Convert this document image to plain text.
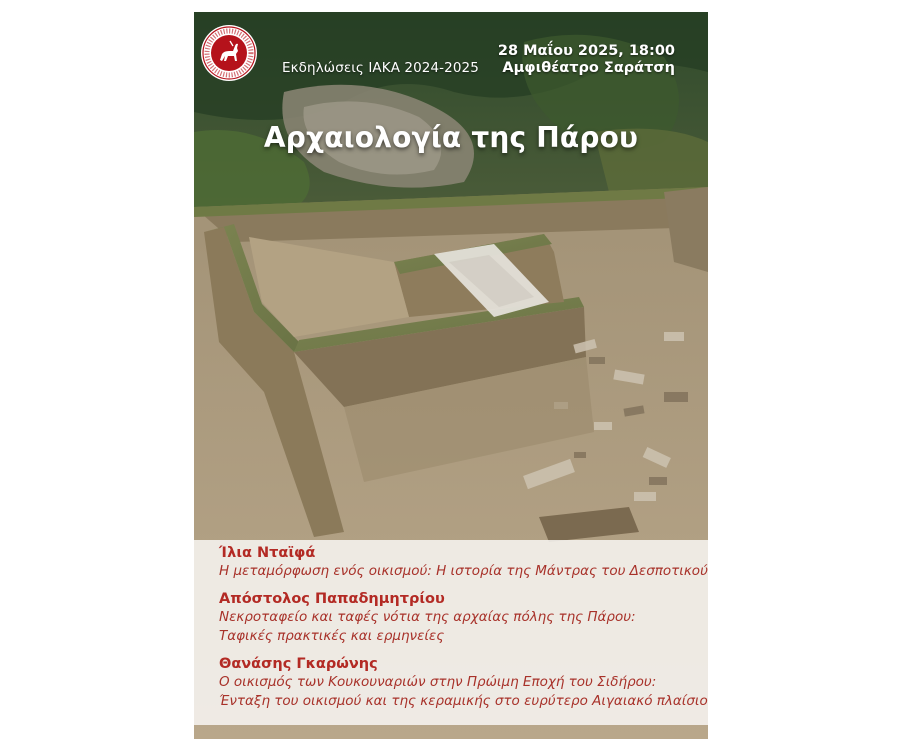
Εκδηλώσεις ΙΑΚΑ 2024-2025
28 Μαΐου 2025, 18:00
Αμφιθέατρο Σαράτση
Αρχαιολογία της Πάρου
Ίλια Νταϊφά
Η μεταμόρφωση ενός οικισμού: Η ιστορία της Μάντρας του Δεσποτικού
Απόστολος Παπαδημητρίου
Νεκροταφείο και ταφές νότια της αρχαίας πόλης της Πάρου:
Ταφικές πρακτικές και ερμηνείες
Θανάσης Γκαρώνης
Ο οικισμός των Κουκουναριών στην Πρώιμη Εποχή του Σιδήρου:
Ένταξη του οικισμού και της κεραμικής στο ευρύτερο Αιγαιακό πλαίσιο
